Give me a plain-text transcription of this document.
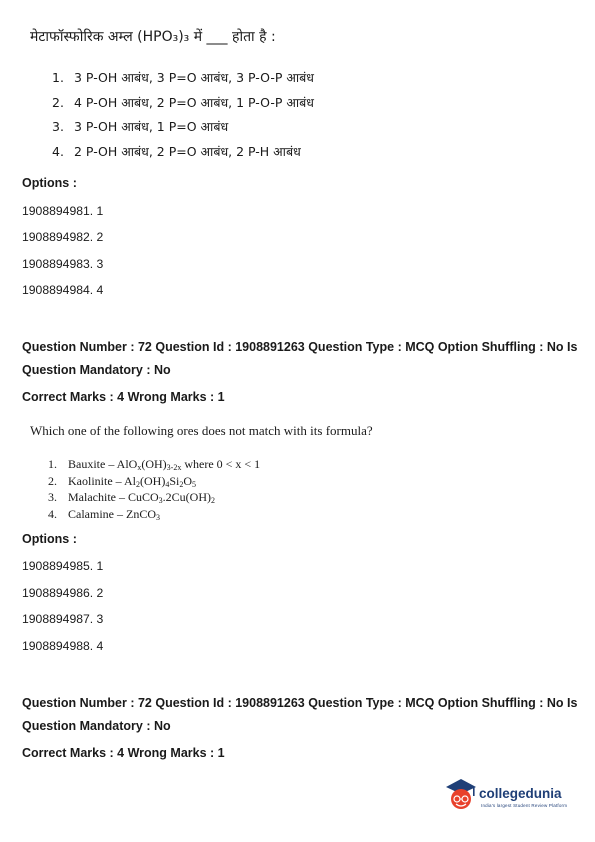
मेटाफॉस्फोरिक अम्ल (HPO₃)₃ में ___ होता है :
1. 3 P-OH आबंध, 3 P=O आबंध, 3 P-O-P आबंध
2. 4 P-OH आबंध, 2 P=O आबंध, 1 P-O-P आबंध
3. 3 P-OH आबंध, 1 P=O आबंध
4. 2 P-OH आबंध, 2 P=O आबंध, 2 P-H आबंध
Options :
1908894981. 1
1908894982. 2
1908894983. 3
1908894984. 4
Question Number : 72 Question Id : 1908891263 Question Type : MCQ Option Shuffling : No Is
Question Mandatory : No
Correct Marks : 4 Wrong Marks : 1
Which one of the following ores does not match with its formula?
1. Bauxite – $AlO_x(OH)_{3-2x}$ where 0 < x < 1
2. Kaolinite – $Al_2(OH)_4Si_2O_5$
3. Malachite – $CuCO_3.2Cu(OH)_2$
4. Calamine – ZnCO$_3$
Options :
1908894985. 1
1908894986. 2
1908894987. 3
1908894988. 4
Question Number : 72 Question Id : 1908891263 Question Type : MCQ Option Shuffling : No Is
Question Mandatory : No
Correct Marks : 4 Wrong Marks : 1
collegedunia
India's largest Student Review Platform
